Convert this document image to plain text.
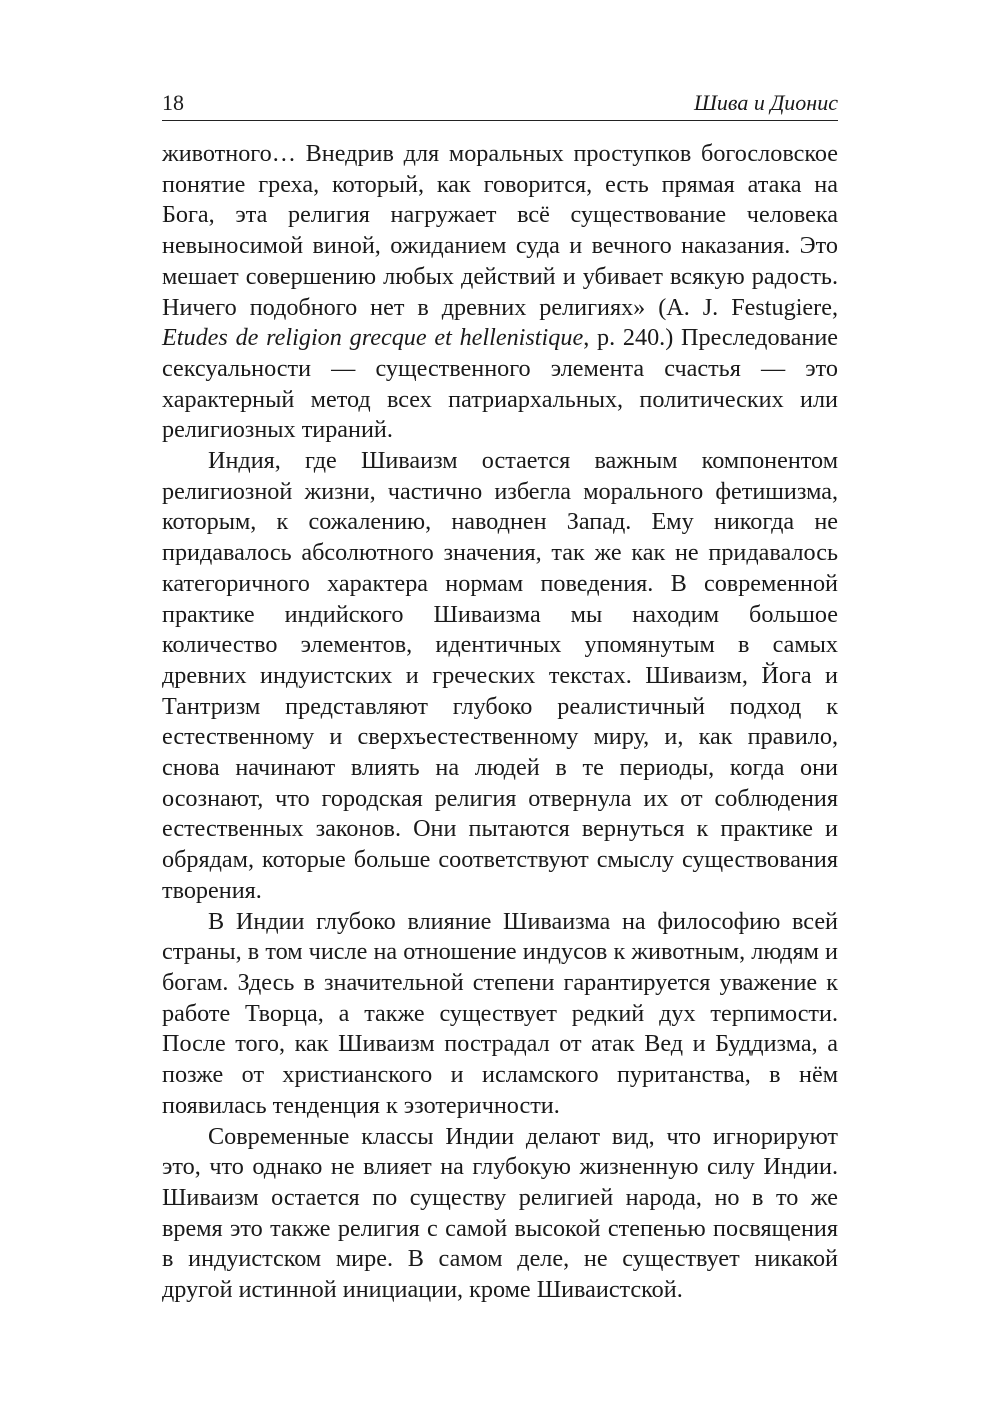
18	Шива и Дионис

животного… Внедрив для моральных проступков богословское понятие греха, который, как говорится, есть прямая атака на Бога, эта религия нагружает всё существование человека невыносимой виной, ожиданием суда и вечного наказания. Это мешает совершению любых действий и убивает всякую радость. Ничего подобного нет в древних религиях» (A. J. Festugiere, Etudes de religion grecque et hellenistique, p. 240.) Преследование сексуальности — существенного элемента счастья — это характерный метод всех патриархальных, политических или религиозных тираний.

Индия, где Шиваизм остается важным компонентом религиозной жизни, частично избегла морального фетишизма, которым, к сожалению, наводнен Запад. Ему никогда не придавалось абсолютного значения, так же как не придавалось категоричного характера нормам поведения. В современной практике индийского Шиваизма мы находим большое количество элементов, идентичных упомянутым в самых древних индуистских и греческих текстах. Шиваизм, Йога и Тантризм представляют глубоко реалистичный подход к естественному и сверхъестественному миру, и, как правило, снова начинают влиять на людей в те периоды, когда они осознают, что городская религия отвернула их от соблюдения естественных законов. Они пытаются вернуться к практике и обрядам, которые больше соответствуют смыслу существования творения.

В Индии глубоко влияние Шиваизма на философию всей страны, в том числе на отношение индусов к животным, людям и богам. Здесь в значительной степени гарантируется уважение к работе Творца, а также существует редкий дух терпимости. После того, как Шиваизм пострадал от атак Вед и Буддизма, а позже от христианского и исламского пуританства, в нём появилась тенденция к эзотеричности.

Современные классы Индии делают вид, что игнорируют это, что однако не влияет на глубокую жизненную силу Индии. Шиваизм остается по существу религией народа, но в то же время это также религия с самой высокой степенью посвящения в индуистском мире. В самом деле, не существует никакой другой истинной инициации, кроме Шиваистской.
